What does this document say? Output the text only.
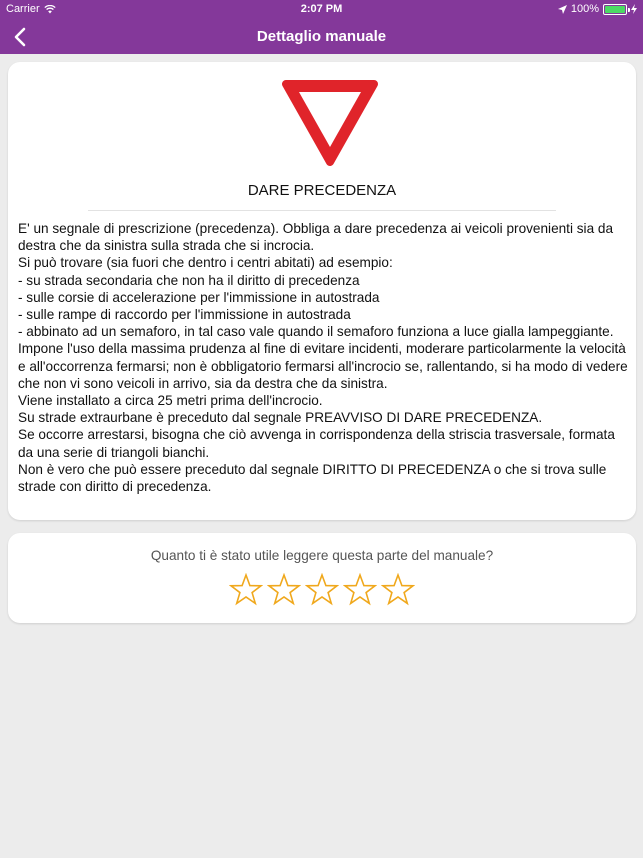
Carrier	2:07 PM	100%
Dettaglio manuale
DARE PRECEDENZA

E' un segnale di prescrizione (precedenza). Obbliga a dare precedenza ai veicoli provenienti sia da destra che da sinistra sulla strada che si incrocia.

Si può trovare (sia fuori che dentro i centri abitati) ad esempio:

- su strada secondaria che non ha il diritto di precedenza

- sulle corsie di accelerazione per l'immissione in autostrada

- sulle rampe di raccordo per l'immissione in autostrada

- abbinato ad un semaforo, in tal caso vale quando il semaforo funziona a luce gialla lampeggiante.

Impone l'uso della massima prudenza al fine di evitare incidenti, moderare particolarmente la velocità e all'occorrenza fermarsi; non è obbligatorio fermarsi all'incrocio se, rallentando, si ha modo di vedere che non vi sono veicoli in arrivo, sia da destra che da sinistra.

Viene installato a circa 25 metri prima dell'incrocio.

Su strade extraurbane è preceduto dal segnale PREAVVISO DI DARE PRECEDENZA.

Se occorre arrestarsi, bisogna che ciò avvenga in corrispondenza della striscia trasversale, formata da una serie di triangoli bianchi.

Non è vero che può essere preceduto dal segnale DIRITTO DI PRECEDENZA o che si trova sulle strade con diritto di precedenza.

Quanto ti è stato utile leggere questa parte del manuale?
